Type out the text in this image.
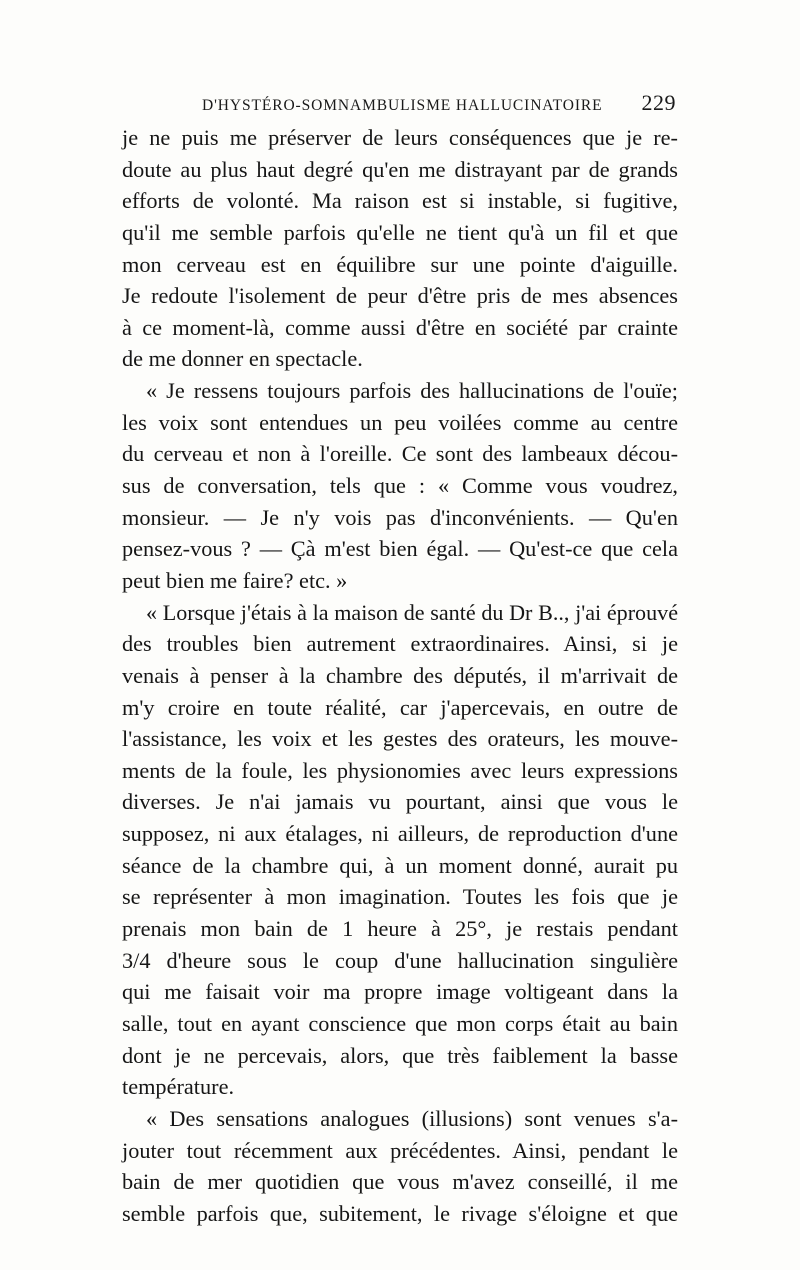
D'HYSTÉRO-SOMNAMBULISME HALLUCINATOIRE 229
je ne puis me préserver de leurs conséquences que je re-
doute au plus haut degré qu'en me distrayant par de grands
efforts de volonté. Ma raison est si instable, si fugitive,
qu'il me semble parfois qu'elle ne tient qu'à un fil et que
mon cerveau est en équilibre sur une pointe d'aiguille.
Je redoute l'isolement de peur d'être pris de mes absences
à ce moment-là, comme aussi d'être en société par crainte
de me donner en spectacle.
« Je ressens toujours parfois des hallucinations de l'ouïe;
les voix sont entendues un peu voilées comme au centre
du cerveau et non à l'oreille. Ce sont des lambeaux décou-
sus de conversation, tels que : « Comme vous voudrez,
monsieur. — Je n'y vois pas d'inconvénients. — Qu'en
pensez-vous ? — Çà m'est bien égal. — Qu'est-ce que cela
peut bien me faire? etc. »
« Lorsque j'étais à la maison de santé du Dr B.., j'ai éprouvé
des troubles bien autrement extraordinaires. Ainsi, si je
venais à penser à la chambre des députés, il m'arrivait de
m'y croire en toute réalité, car j'apercevais, en outre de
l'assistance, les voix et les gestes des orateurs, les mouve-
ments de la foule, les physionomies avec leurs expressions
diverses. Je n'ai jamais vu pourtant, ainsi que vous le
supposez, ni aux étalages, ni ailleurs, de reproduction d'une
séance de la chambre qui, à un moment donné, aurait pu
se représenter à mon imagination. Toutes les fois que je
prenais mon bain de 1 heure à 25°, je restais pendant
3/4 d'heure sous le coup d'une hallucination singulière
qui me faisait voir ma propre image voltigeant dans la
salle, tout en ayant conscience que mon corps était au bain
dont je ne percevais, alors, que très faiblement la basse
température.
« Des sensations analogues (illusions) sont venues s'a-
jouter tout récemment aux précédentes. Ainsi, pendant le
bain de mer quotidien que vous m'avez conseillé, il me
semble parfois que, subitement, le rivage s'éloigne et que
